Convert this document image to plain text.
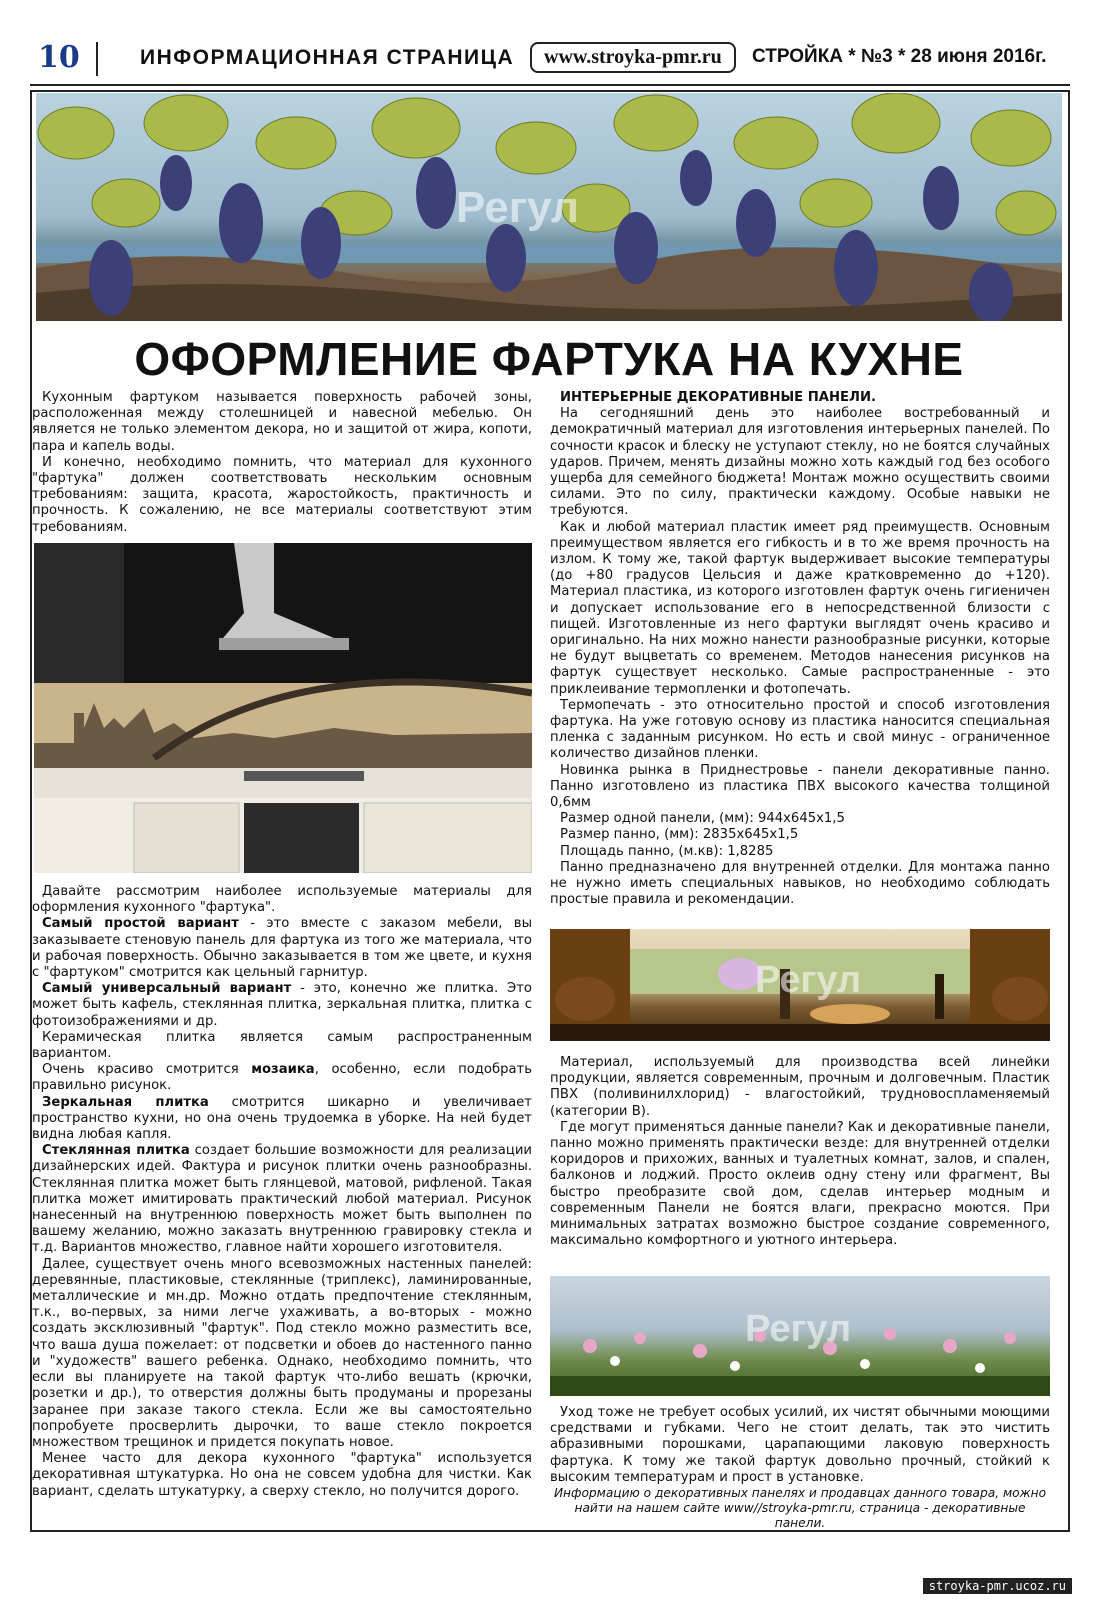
10	ИНФОРМАЦИОННАЯ СТРАНИЦА	www.stroyka-pmr.ru	СТРОЙКА * №3 * 28 июня 2016г.
Регул
ОФОРМЛЕНИЕ ФАРТУКА НА КУХНЕ

Кухонным фартуком называется поверхность рабочей зоны, расположенная между столешницей и навесной мебелью. Он является не только элементом декора, но и защитой от жира, копоти, пара и капель воды.

И конечно, необходимо помнить, что материал для кухонного "фартука" должен соответствовать нескольким основным требованиям: защита, красота, жаростойкость, практичность и прочность. К сожалению, не все материалы соответствуют этим требованиям.

Давайте рассмотрим наиболее используемые материалы для оформления кухонного "фартука".

Самый простой вариант - это вместе с заказом мебели, вы заказываете стеновую панель для фартука из того же материала, что и рабочая поверхность. Обычно заказывается в том же цвете, и кухня с "фартуком" смотрится как цельный гарнитур.

Самый универсальный вариант - это, конечно же плитка. Это может быть кафель, стеклянная плитка, зеркальная плитка, плитка с фотоизображениями и др.

Керамическая плитка является самым распространенным вариантом.

Очень красиво смотрится мозаика, особенно, если подобрать правильно рисунок.

Зеркальная плитка смотрится шикарно и увеличивает пространство кухни, но она очень трудоемка в уборке. На ней будет видна любая капля.

Стеклянная плитка создает большие возможности для реализации дизайнерских идей. Фактура и рисунок плитки очень разнообразны. Стеклянная плитка может быть глянцевой, матовой, рифленой. Такая плитка может имитировать практический любой материал. Рисунок нанесенный на внутреннюю поверхность может быть выполнен по вашему желанию, можно заказать внутреннюю гравировку стекла и т.д. Вариантов множество, главное найти хорошего изготовителя.

Далее, существует очень много всевозможных настенных панелей: деревянные, пластиковые, стеклянные (триплекс), ламинированные, металлические и мн.др. Можно отдать предпочтение стеклянным, т.к., во-первых, за ними легче ухаживать, а во-вторых - можно создать эксклюзивный "фартук". Под стекло можно разместить все, что ваша душа пожелает: от подсветки и обоев до настенного панно и "художеств" вашего ребенка. Однако, необходимо помнить, что если вы планируете на такой фартук что-либо вешать (крючки, розетки и др.), то отверстия должны быть продуманы и прорезаны заранее при заказе такого стекла. Если же вы самостоятельно попробуете просверлить дырочки, то ваше стекло покроется множеством трещинок и придется покупать новое.

Менее часто для декора кухонного "фартука" используется декоративная штукатурка. Но она не совсем удобна для чистки. Как вариант, сделать штукатурку, а сверху стекло, но получится дорого.

ИНТЕРЬЕРНЫЕ ДЕКОРАТИВНЫЕ ПАНЕЛИ.

На сегодняшний день это наиболее востребованный и демократичный материал для изготовления интерьерных панелей. По сочности красок и блеску не уступают стеклу, но не боятся случайных ударов. Причем, менять дизайны можно хоть каждый год без особого ущерба для семейного бюджета! Монтаж можно осуществить своими силами. Это по силу, практически каждому. Особые навыки не требуются.

Как и любой материал пластик имеет ряд преимуществ. Основным преимуществом является его гибкость и в то же время прочность на излом. К тому же, такой фартук выдерживает высокие температуры (до +80 градусов Цельсия и даже кратковременно до +120). Материал пластика, из которого изготовлен фартук очень гигиеничен и допускает использование его в непосредственной близости с пищей. Изготовленные из него фартуки выглядят очень красиво и оригинально. На них можно нанести разнообразные рисунки, которые не будут выцветать со временем. Методов нанесения рисунков на фартук существует несколько. Самые распространенные - это приклеивание термопленки и фотопечать.

Термопечать - это относительно простой и способ изготовления фартука. На уже готовую основу из пластика наносится специальная пленка с заданным рисунком. Но есть и свой минус - ограниченное количество дизайнов пленки.

Новинка рынка в Приднестровье - панели декоративные панно. Панно изготовлено из пластика ПВХ высокого качества толщиной 0,6мм

Размер одной панели, (мм): 944х645х1,5

Размер панно, (мм): 2835х645х1,5

Площадь панно, (м.кв): 1,8285

Панно предназначено для внутренней отделки. Для монтажа панно не нужно иметь специальных навыков, но необходимо соблюдать простые правила и рекомендации.

Регул

Материал, используемый для производства всей линейки продукции, является современным, прочным и долговечным. Пластик ПВХ (поливинилхлорид) - влагостойкий, трудновоспламеняемый (категории В).

Где могут применяться данные панели? Как и декоративные панели, панно можно применять практически везде: для внутренней отделки коридоров и прихожих, ванных и туалетных комнат, залов, и спален, балконов и лоджий. Просто оклеив одну стену или фрагмент, Вы быстро преобразите свой дом, сделав интерьер модным и современным Панели не боятся влаги, прекрасно моются. При минимальных затратах возможно быстрое создание современного, максимально комфортного и уютного интерьера.

Регул

Уход тоже не требует особых усилий, их чистят обычными моющими средствами и губками. Чего не стоит делать, так это чистить абразивными порошками, царапающими лаковую поверхность фартука. К тому же такой фартук довольно прочный, стойкий к высоким температурам и прост в установке.

Информацию о декоративных панелях и продавцах данного товара, можно найти на нашем сайте www//stroyka-pmr.ru, страница - декоративные панели.

stroyka-pmr.ucoz.ru
